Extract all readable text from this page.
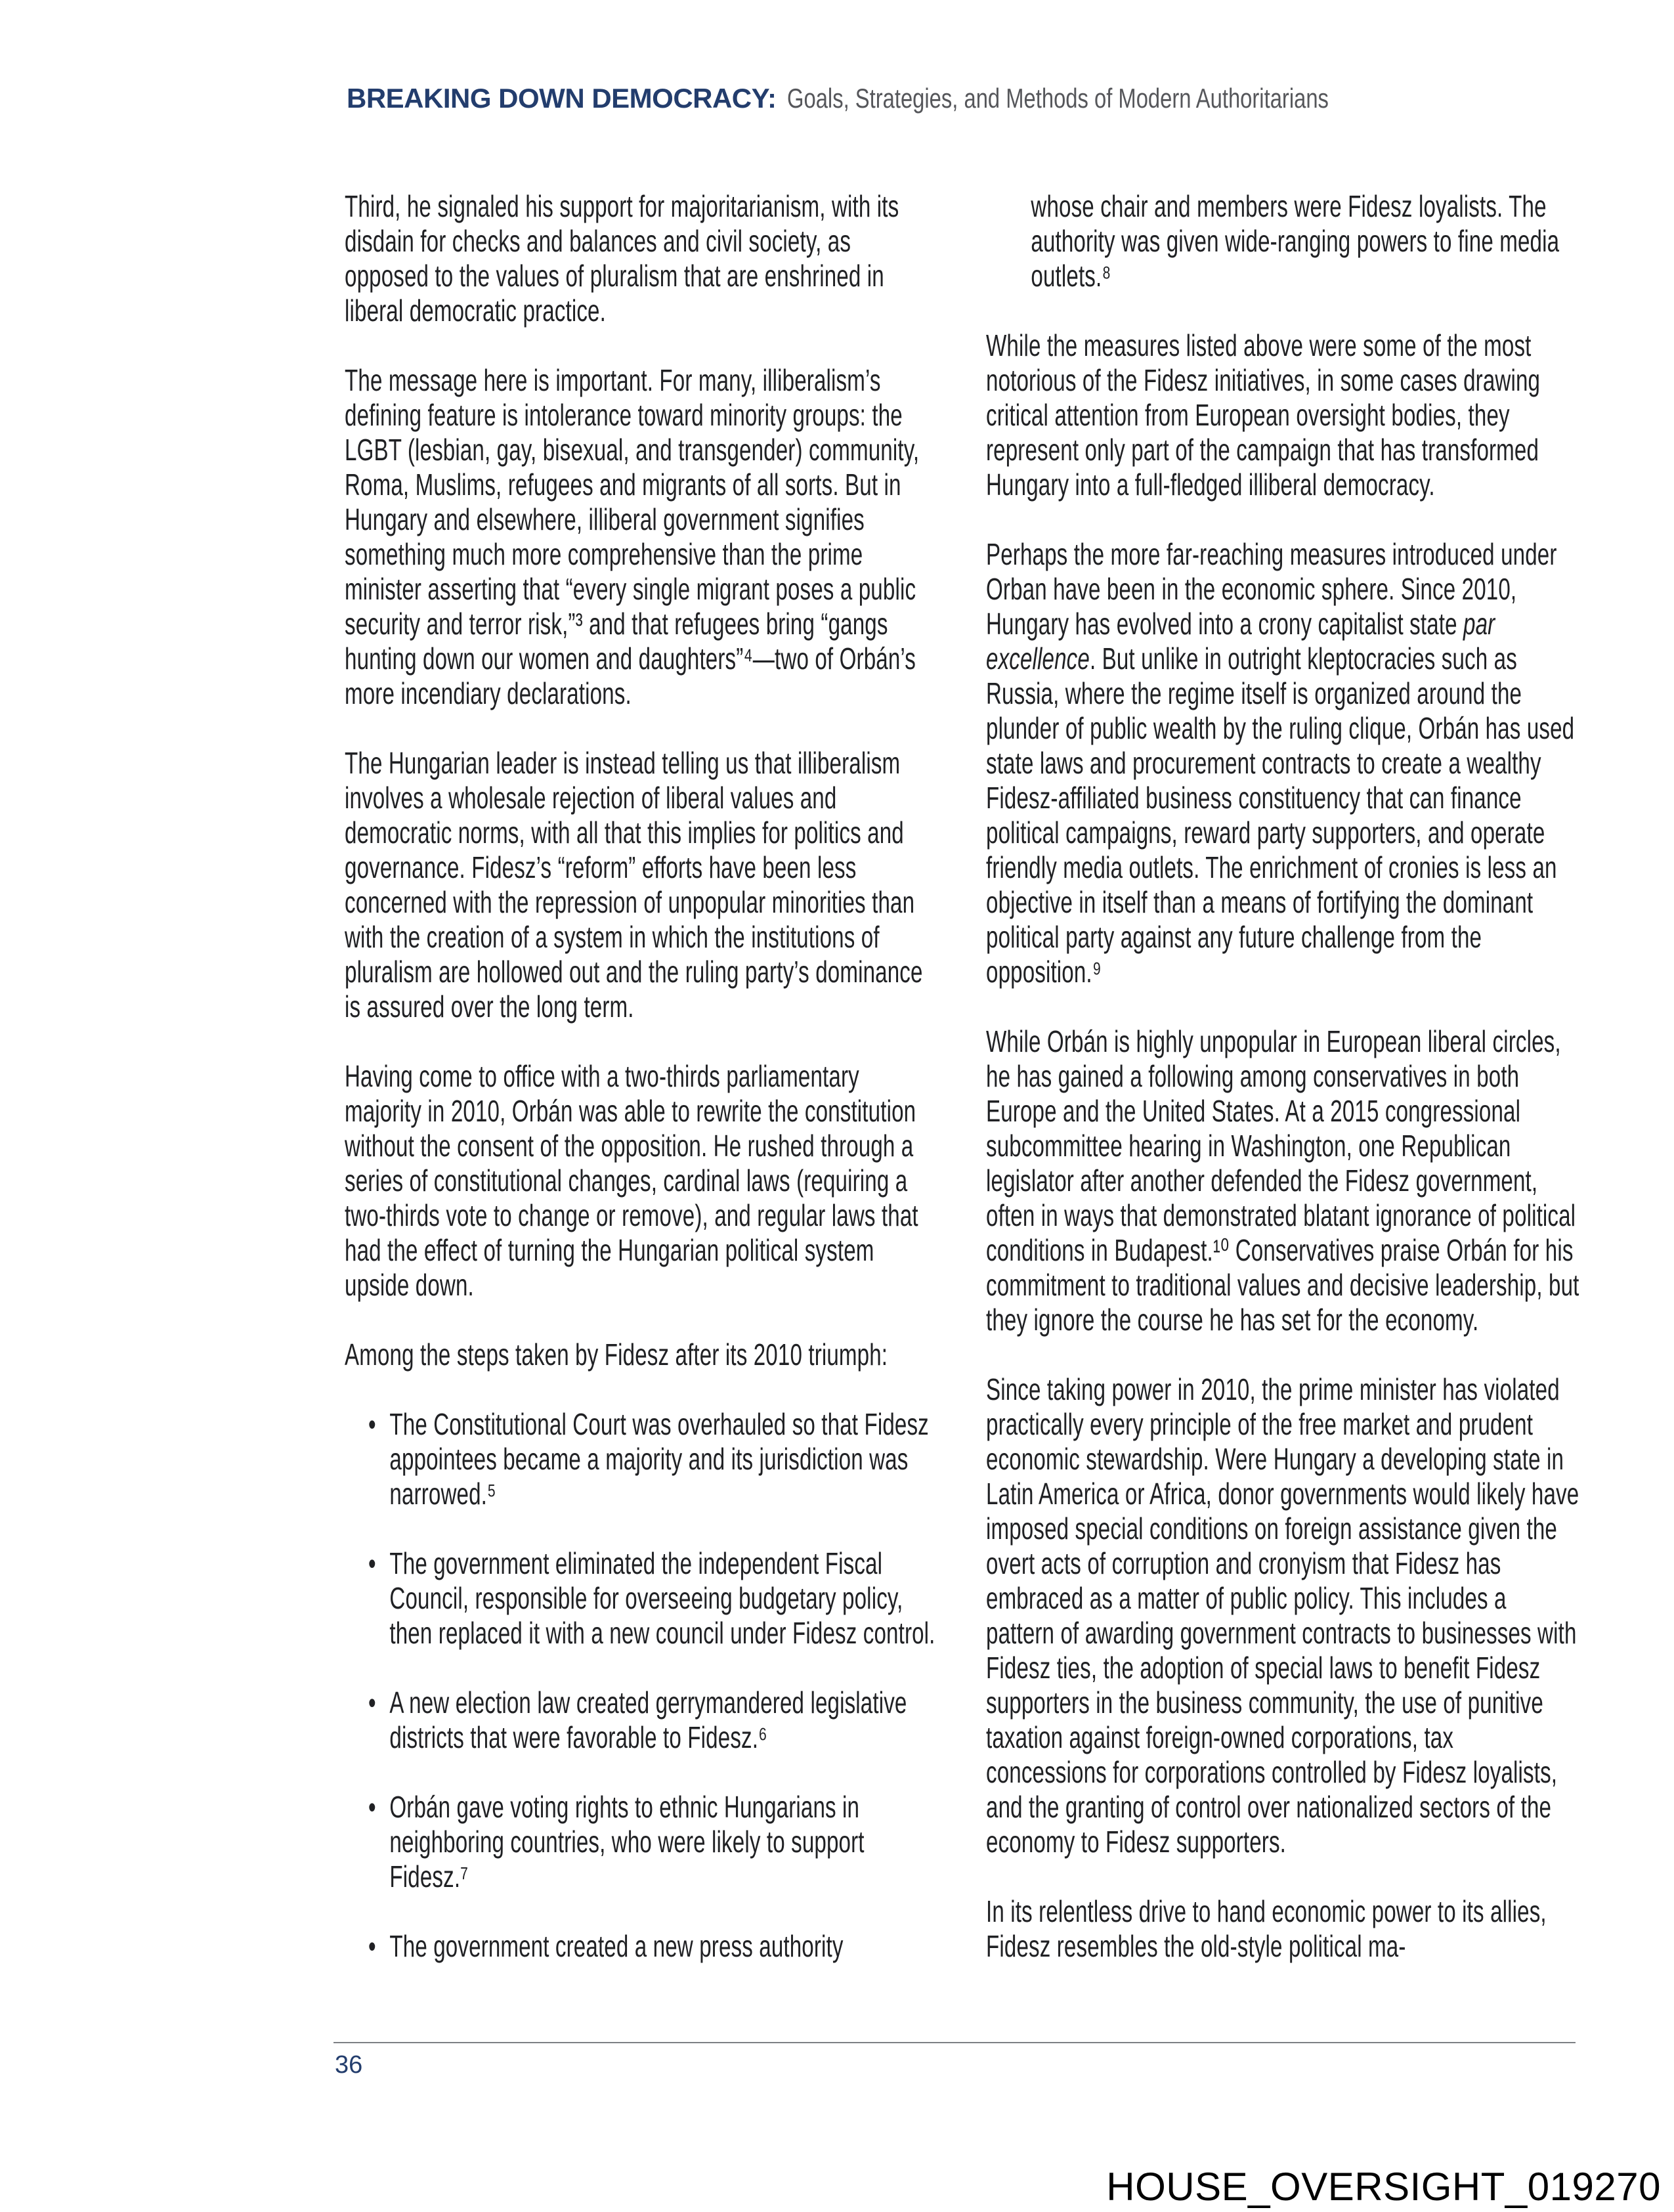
BREAKING DOWN DEMOCRACY: Goals, Strategies, and Methods of Modern Authoritarians

Third, he signaled his support for majoritarianism, with its disdain for checks and balances and civil society, as opposed to the values of pluralism that are enshrined in liberal democratic practice.

The message here is important. For many, illiberalism’s defining feature is intolerance toward minority groups: the LGBT (lesbian, gay, bisexual, and transgender) community, Roma, Muslims, refugees and migrants of all sorts. But in Hungary and elsewhere, illiberal government signifies something much more comprehensive than the prime minister asserting that “every single migrant poses a public security and terror risk,”³ and that refugees bring “gangs hunting down our women and daughters”⁴—two of Orbán’s more incendiary declarations.

The Hungarian leader is instead telling us that illiberalism involves a wholesale rejection of liberal values and democratic norms, with all that this implies for politics and governance. Fidesz’s “reform” efforts have been less concerned with the repression of unpopular minorities than with the creation of a system in which the institutions of pluralism are hollowed out and the ruling party’s dominance is assured over the long term.

Having come to office with a two-thirds parliamentary majority in 2010, Orbán was able to rewrite the constitution without the consent of the opposition. He rushed through a series of constitutional changes, cardinal laws (requiring a two-thirds vote to change or remove), and regular laws that had the effect of turning the Hungarian political system upside down.

Among the steps taken by Fidesz after its 2010 triumph:

• The Constitutional Court was overhauled so that Fidesz appointees became a majority and its jurisdiction was narrowed.⁵
• The government eliminated the independent Fiscal Council, responsible for overseeing budgetary policy, then replaced it with a new council under Fidesz control.
• A new election law created gerrymandered legislative districts that were favorable to Fidesz.⁶
• Orbán gave voting rights to ethnic Hungarians in neighboring countries, who were likely to support Fidesz.⁷
• The government created a new press authority

whose chair and members were Fidesz loyalists. The authority was given wide-ranging powers to fine media outlets.⁸

While the measures listed above were some of the most notorious of the Fidesz initiatives, in some cases drawing critical attention from European oversight bodies, they represent only part of the campaign that has transformed Hungary into a full-fledged illiberal democracy.

Perhaps the more far-reaching measures introduced under Orban have been in the economic sphere. Since 2010, Hungary has evolved into a crony capitalist state par excellence. But unlike in outright kleptocracies such as Russia, where the regime itself is organized around the plunder of public wealth by the ruling clique, Orbán has used state laws and procurement contracts to create a wealthy Fidesz-affiliated business constituency that can finance political campaigns, reward party supporters, and operate friendly media outlets. The enrichment of cronies is less an objective in itself than a means of fortifying the dominant political party against any future challenge from the opposition.⁹

While Orbán is highly unpopular in European liberal circles, he has gained a following among conservatives in both Europe and the United States. At a 2015 congressional subcommittee hearing in Washington, one Republican legislator after another defended the Fidesz government, often in ways that demonstrated blatant ignorance of political conditions in Budapest.¹⁰ Conservatives praise Orbán for his commitment to traditional values and decisive leadership, but they ignore the course he has set for the economy.

Since taking power in 2010, the prime minister has violated practically every principle of the free market and prudent economic stewardship. Were Hungary a developing state in Latin America or Africa, donor governments would likely have imposed special conditions on foreign assistance given the overt acts of corruption and cronyism that Fidesz has embraced as a matter of public policy. This includes a pattern of awarding government contracts to businesses with Fidesz ties, the adoption of special laws to benefit Fidesz supporters in the business community, the use of punitive taxation against foreign-owned corporations, tax concessions for corporations controlled by Fidesz loyalists, and the granting of control over nationalized sectors of the economy to Fidesz supporters.

In its relentless drive to hand economic power to its allies, Fidesz resembles the old-style political ma-

36
HOUSE_OVERSIGHT_019270
